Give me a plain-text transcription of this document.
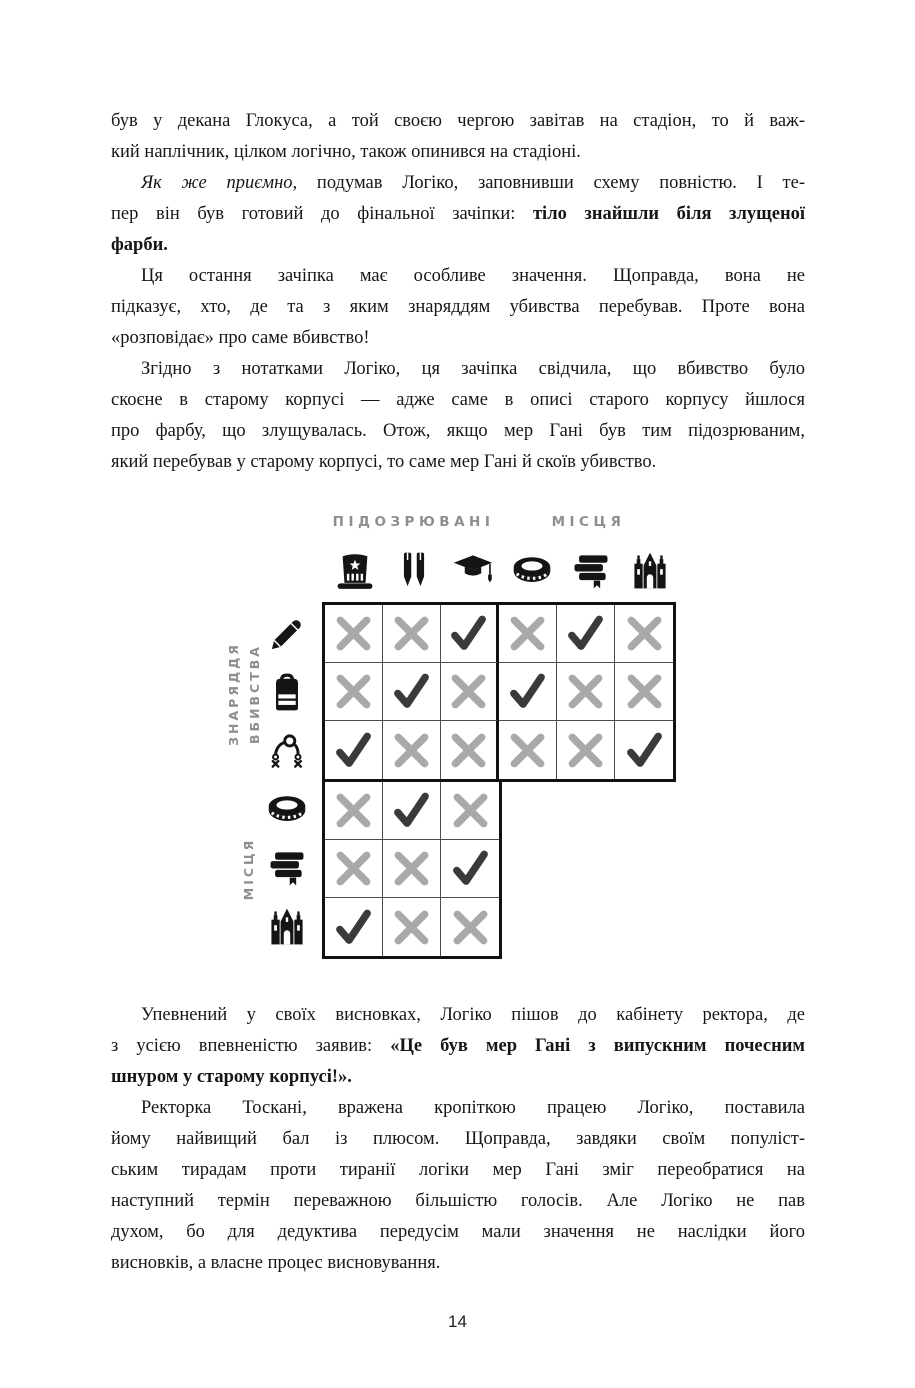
був у декана Глокуса, а той своєю чергою завітав на стадіон, то й важ-
кий наплічник, цілком логічно, також опинився на стадіоні.
Як же приємно, подумав Логіко, заповнивши схему повністю. І те-
пер він був готовий до фінальної зачіпки: тіло знайшли біля злущеної
фарби.
Ця остання зачіпка має особливе значення. Щоправда, вона не
підказує, хто, де та з яким знаряддям убивства перебував. Проте вона
«розповідає» про саме вбивство!
Згідно з нотатками Логіко, ця зачіпка свідчила, що вбивство було
скоєне в старому корпусі — адже саме в описі старого корпусу йшлося
про фарбу, що злущувалась. Отож, якщо мер Гані був тим підозрюваним,
який перебував у старому корпусі, то саме мер Гані й скоїв убивство.
ПІДОЗРЮВАНІ	МІСЦЯ
ЗНАРЯДДЯ ВБИВСТВА
МІСЦЯ
Упевнений у своїх висновках, Логіко пішов до кабінету ректора, де
з усією впевненістю заявив: «Це був мер Гані з випускним почесним
шнуром у старому корпусі!».
Ректорка Тоскані, вражена кропіткою працею Логіко, поставила
йому найвищий бал із плюсом. Щоправда, завдяки своїм популіст-
ським тирадам проти тиранії логіки мер Гані зміг переобратися на
наступний термін переважною більшістю голосів. Але Логіко не пав
духом, бо для дедуктива передусім мали значення не наслідки його
висновків, а власне процес висновування.
14
